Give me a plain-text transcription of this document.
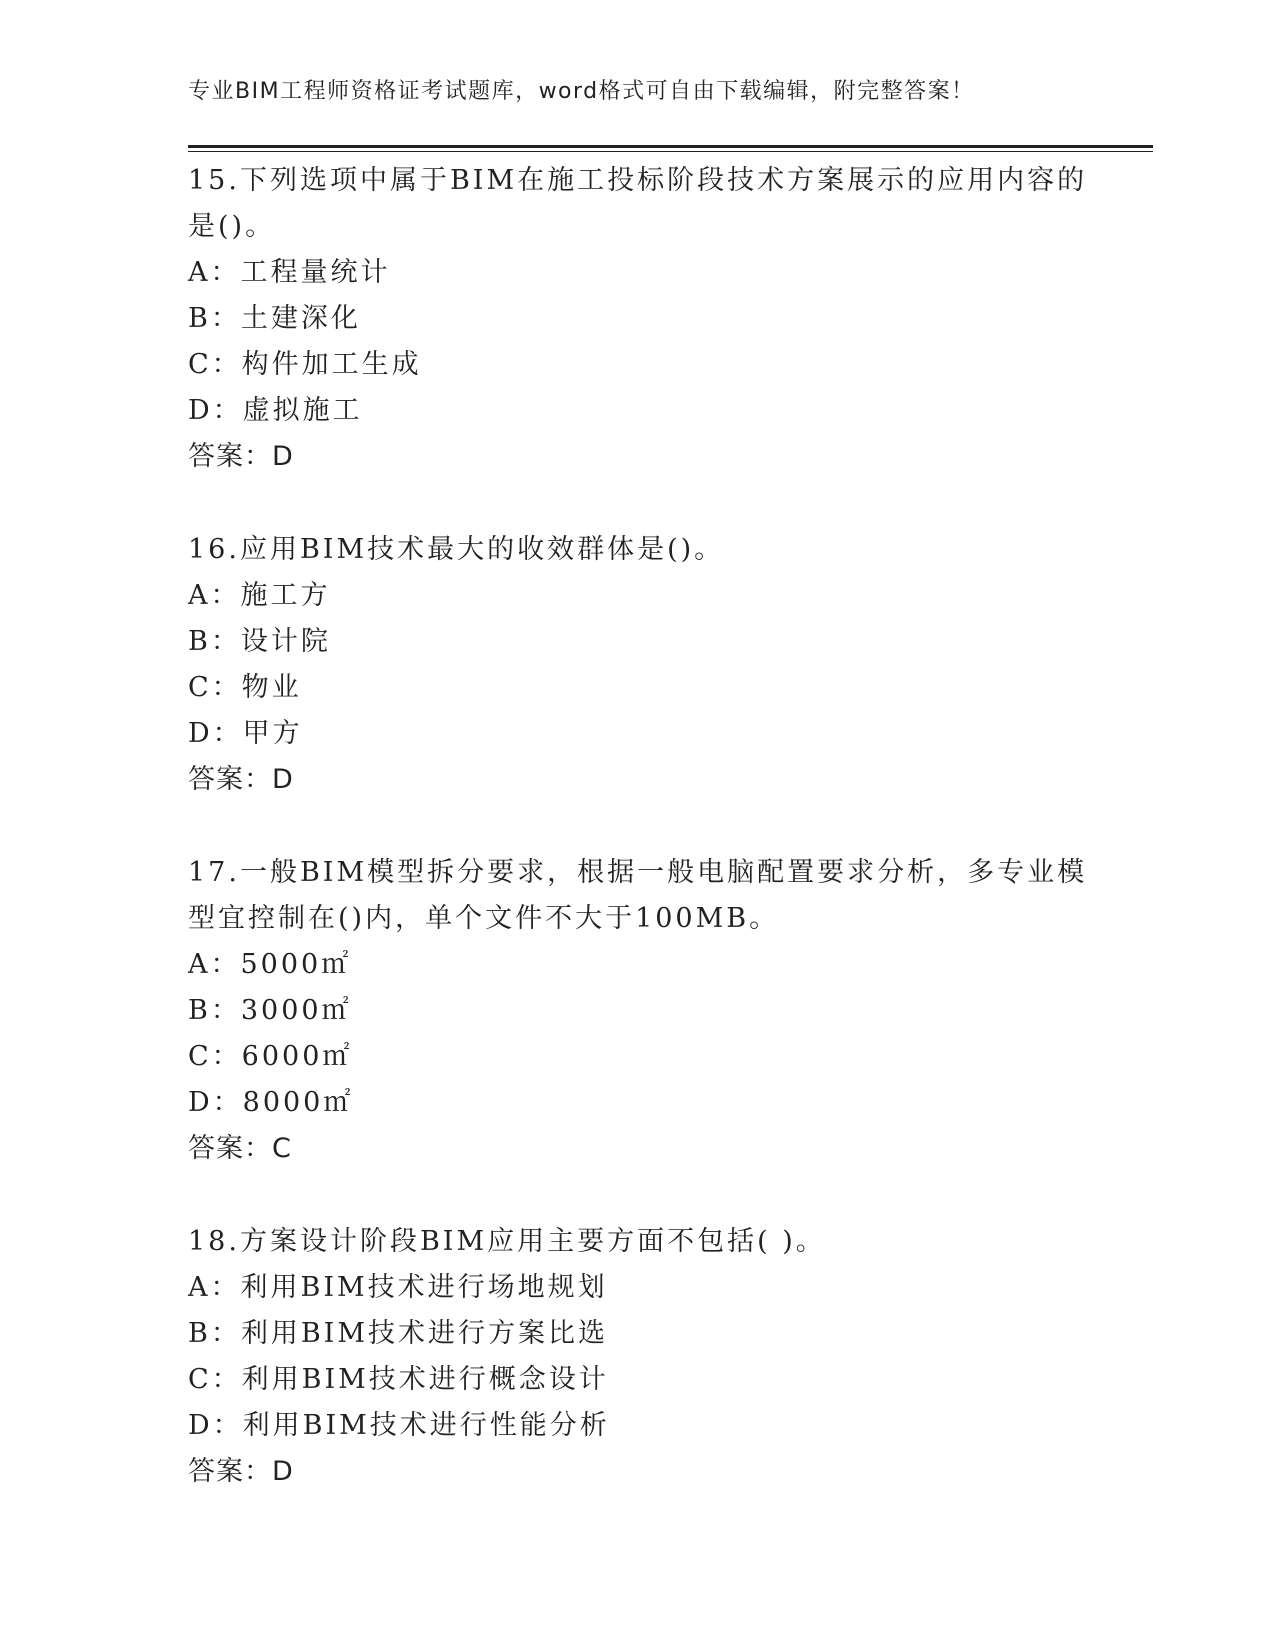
专业BIM工程师资格证考试题库，word格式可自由下载编辑，附完整答案！
15.下列选项中属于BIM在施工投标阶段技术方案展示的应用内容的是()。
A：工程量统计
B：土建深化
C：构件加工生成
D：虚拟施工
答案：D
16.应用BIM技术最大的收效群体是()。
A：施工方
B：设计院
C：物业
D：甲方
答案：D
17.一般BIM模型拆分要求，根据一般电脑配置要求分析，多专业模型宜控制在()内，单个文件不大于100MB。
A：5000㎡
B：3000㎡
C：6000㎡
D：8000㎡
答案：C
18.方案设计阶段BIM应用主要方面不包括( )。
A：利用BIM技术进行场地规划
B：利用BIM技术进行方案比选
C：利用BIM技术进行概念设计
D：利用BIM技术进行性能分析
答案：D
